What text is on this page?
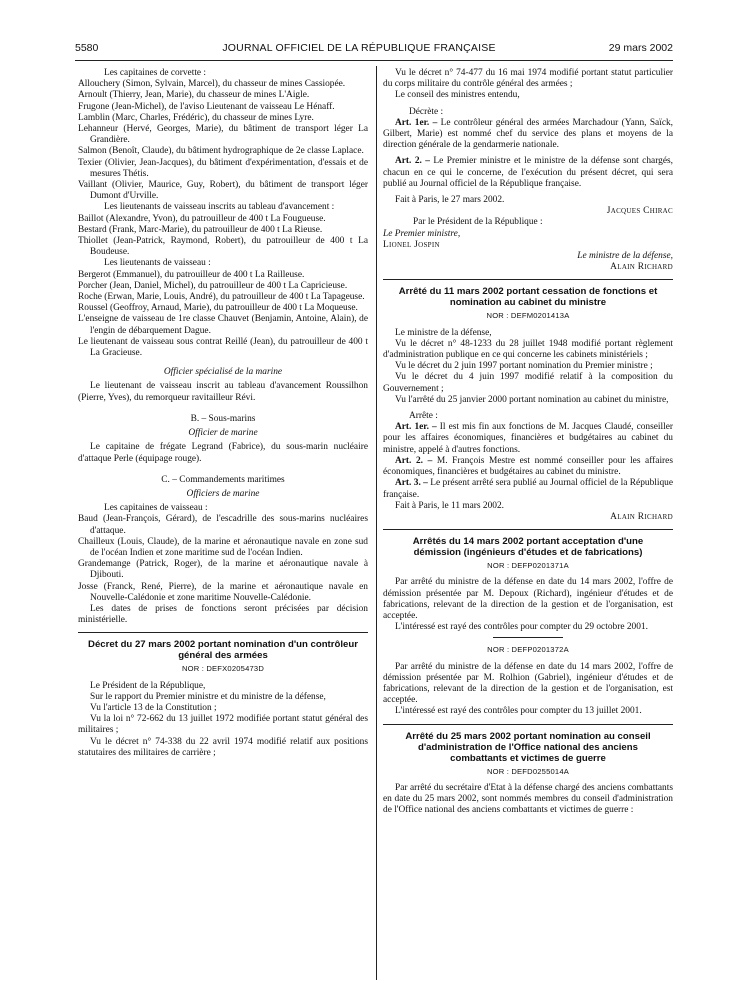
5580	JOURNAL OFFICIEL DE LA RÉPUBLIQUE FRANÇAISE	29 mars 2002

Les capitaines de corvette :

Allouchery (Simon, Sylvain, Marcel), du chasseur de mines Cassiopée.

Arnoult (Thierry, Jean, Marie), du chasseur de mines L'Aigle.

Frugone (Jean-Michel), de l'aviso Lieutenant de vaisseau Le Hénaff.

Lamblin (Marc, Charles, Frédéric), du chasseur de mines Lyre.

Lehanneur (Hervé, Georges, Marie), du bâtiment de transport léger La Grandière.

Salmon (Benoît, Claude), du bâtiment hydrographique de 2e classe Laplace.

Texier (Olivier, Jean-Jacques), du bâtiment d'expérimentation, d'essais et de mesures Thétis.

Vaillant (Olivier, Maurice, Guy, Robert), du bâtiment de transport léger Dumont d'Urville.

Les lieutenants de vaisseau inscrits au tableau d'avancement :

Baillot (Alexandre, Yvon), du patrouilleur de 400 t La Fougueuse.

Bestard (Frank, Marc-Marie), du patrouilleur de 400 t La Rieuse.

Thiollet (Jean-Patrick, Raymond, Robert), du patrouilleur de 400 t La Boudeuse.

Les lieutenants de vaisseau :

Bergerot (Emmanuel), du patrouilleur de 400 t La Railleuse.

Porcher (Jean, Daniel, Michel), du patrouilleur de 400 t La Capricieuse.

Roche (Erwan, Marie, Louis, André), du patrouilleur de 400 t La Tapageuse.

Roussel (Geoffroy, Arnaud, Marie), du patrouilleur de 400 t La Moqueuse.

L'enseigne de vaisseau de 1re classe Chauvet (Benjamin, Antoine, Alain), de l'engin de débarquement Dague.

Le lieutenant de vaisseau sous contrat Reillé (Jean), du patrouilleur de 400 t La Gracieuse.

Officier spécialisé de la marine

Le lieutenant de vaisseau inscrit au tableau d'avancement Roussilhon (Pierre, Yves), du remorqueur ravitailleur Révi.

B. – Sous-marins

Officier de marine

Le capitaine de frégate Legrand (Fabrice), du sous-marin nucléaire d'attaque Perle (équipage rouge).

C. – Commandements maritimes

Officiers de marine

Les capitaines de vaisseau :

Baud (Jean-François, Gérard), de l'escadrille des sous-marins nucléaires d'attaque.

Chailleux (Louis, Claude), de la marine et aéronautique navale en zone sud de l'océan Indien et zone maritime sud de l'océan Indien.

Grandemange (Patrick, Roger), de la marine et aéronautique navale à Djibouti.

Josse (Franck, René, Pierre), de la marine et aéronautique navale en Nouvelle-Calédonie et zone maritime Nouvelle-Calédonie.

Les dates de prises de fonctions seront précisées par décision ministérielle.

Décret du 27 mars 2002 portant nomination d'un contrôleur général des armées

NOR : DEFX0205473D

Le Président de la République,

Sur le rapport du Premier ministre et du ministre de la défense,

Vu l'article 13 de la Constitution ;

Vu la loi n° 72-662 du 13 juillet 1972 modifiée portant statut général des militaires ;

Vu le décret n° 74-338 du 22 avril 1974 modifié relatif aux positions statutaires des militaires de carrière ;

Vu le décret n° 74-477 du 16 mai 1974 modifié portant statut particulier du corps militaire du contrôle général des armées ;

Le conseil des ministres entendu,

Décrète :

Art. 1er. – Le contrôleur général des armées Marchadour (Yann, Saïck, Gilbert, Marie) est nommé chef du service des plans et moyens de la direction générale de la gendarmerie nationale.

Art. 2. – Le Premier ministre et le ministre de la défense sont chargés, chacun en ce qui le concerne, de l'exécution du présent décret, qui sera publié au Journal officiel de la République française.

Fait à Paris, le 27 mars 2002.

Jacques Chirac

Par le Président de la République :

Le Premier ministre,

Lionel Jospin

Le ministre de la défense,

Alain Richard

Arrêté du 11 mars 2002 portant cessation de fonctions et nomination au cabinet du ministre

NOR : DEFM0201413A

Le ministre de la défense,

Vu le décret n° 48-1233 du 28 juillet 1948 modifié portant règlement d'administration publique en ce qui concerne les cabinets ministériels ;

Vu le décret du 2 juin 1997 portant nomination du Premier ministre ;

Vu le décret du 4 juin 1997 modifié relatif à la composition du Gouvernement ;

Vu l'arrêté du 25 janvier 2000 portant nomination au cabinet du ministre,

Arrête :

Art. 1er. – Il est mis fin aux fonctions de M. Jacques Claudé, conseiller pour les affaires économiques, financières et budgétaires au cabinet du ministre, appelé à d'autres fonctions.

Art. 2. – M. François Mestre est nommé conseiller pour les affaires économiques, financières et budgétaires au cabinet du ministre.

Art. 3. – Le présent arrêté sera publié au Journal officiel de la République française.

Fait à Paris, le 11 mars 2002.

Alain Richard

Arrêtés du 14 mars 2002 portant acceptation d'une démission (ingénieurs d'études et de fabrications)

NOR : DEFP0201371A

Par arrêté du ministre de la défense en date du 14 mars 2002, l'offre de démission présentée par M. Depoux (Richard), ingénieur d'études et de fabrications, relevant de la direction de la gestion et de l'organisation, est acceptée.

L'intéressé est rayé des contrôles pour compter du 29 octobre 2001.

NOR : DEFP0201372A

Par arrêté du ministre de la défense en date du 14 mars 2002, l'offre de démission présentée par M. Rolhion (Gabriel), ingénieur d'études et de fabrications, relevant de la direction de la gestion et de l'organisation, est acceptée.

L'intéressé est rayé des contrôles pour compter du 13 juillet 2001.

Arrêté du 25 mars 2002 portant nomination au conseil d'administration de l'Office national des anciens combattants et victimes de guerre

NOR : DEFD0255014A

Par arrêté du secrétaire d'Etat à la défense chargé des anciens combattants en date du 25 mars 2002, sont nommés membres du conseil d'administration de l'Office national des anciens combattants et victimes de guerre :
